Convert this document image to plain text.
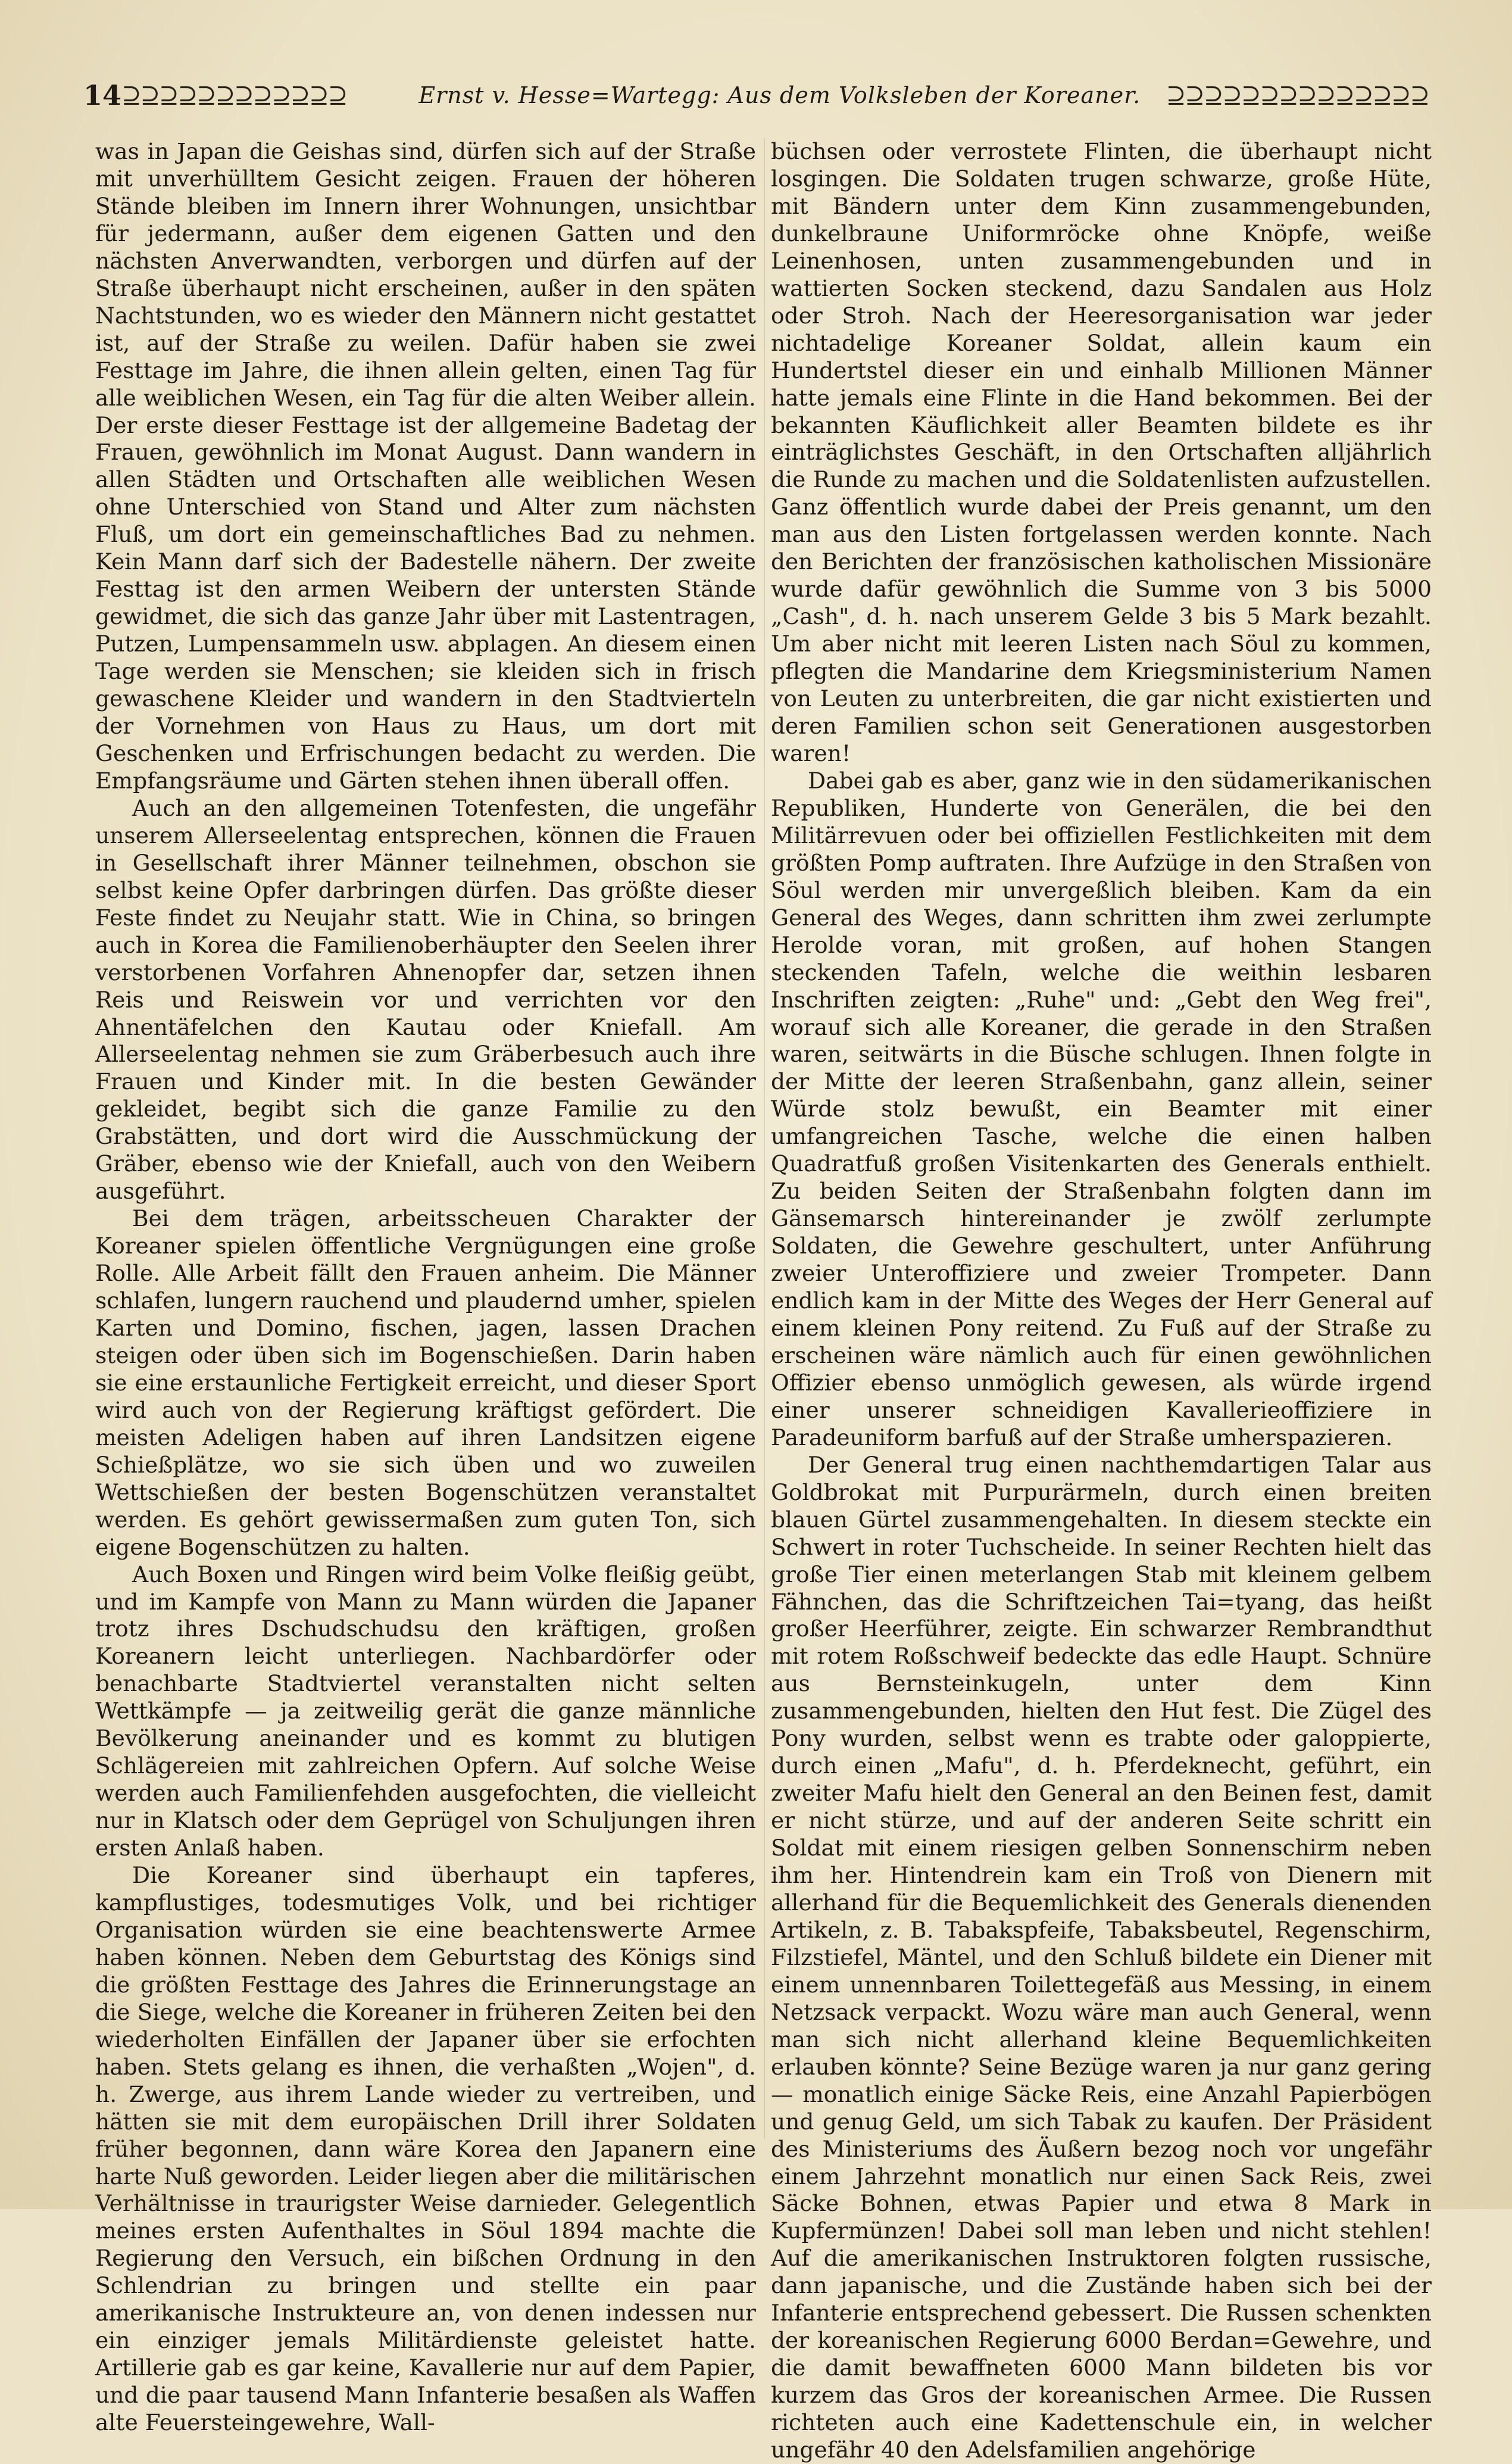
14 ⊇⊇⊇⊇⊇⊇⊇⊇⊇⊇⊇⊇	Ernst v. Hesse=Wartegg: Aus dem Volksleben der Koreaner.	⊇⊇⊇⊇⊇⊇⊇⊇⊇⊇⊇⊇⊇⊇

was in Japan die Geishas sind, dürfen sich auf der Straße mit unverhülltem Gesicht zeigen. Frauen der höheren Stände bleiben im Innern ihrer Wohnungen, unsichtbar für jedermann, außer dem eigenen Gatten und den nächsten Anverwandten, verborgen und dürfen auf der Straße überhaupt nicht erscheinen, außer in den späten Nachtstunden, wo es wieder den Männern nicht gestattet ist, auf der Straße zu weilen. Dafür haben sie zwei Festtage im Jahre, die ihnen allein gelten, einen Tag für alle weiblichen Wesen, ein Tag für die alten Weiber allein. Der erste dieser Festtage ist der allgemeine Badetag der Frauen, gewöhnlich im Monat August. Dann wandern in allen Städten und Ortschaften alle weiblichen Wesen ohne Unterschied von Stand und Alter zum nächsten Fluß, um dort ein gemeinschaftliches Bad zu nehmen. Kein Mann darf sich der Badestelle nähern. Der zweite Festtag ist den armen Weibern der untersten Stände gewidmet, die sich das ganze Jahr über mit Lastentragen, Putzen, Lumpensammeln usw. abplagen. An diesem einen Tage werden sie Menschen; sie kleiden sich in frisch gewaschene Kleider und wandern in den Stadtvierteln der Vornehmen von Haus zu Haus, um dort mit Geschenken und Erfrischungen bedacht zu werden. Die Empfangsräume und Gärten stehen ihnen überall offen.

Auch an den allgemeinen Totenfesten, die ungefähr unserem Allerseelentag entsprechen, können die Frauen in Gesellschaft ihrer Männer teilnehmen, obschon sie selbst keine Opfer darbringen dürfen. Das größte dieser Feste findet zu Neujahr statt. Wie in China, so bringen auch in Korea die Familienoberhäupter den Seelen ihrer verstorbenen Vorfahren Ahnenopfer dar, setzen ihnen Reis und Reiswein vor und verrichten vor den Ahnentäfelchen den Kautau oder Kniefall. Am Allerseelentag nehmen sie zum Gräberbesuch auch ihre Frauen und Kinder mit. In die besten Gewänder gekleidet, begibt sich die ganze Familie zu den Grabstätten, und dort wird die Ausschmückung der Gräber, ebenso wie der Kniefall, auch von den Weibern ausgeführt.

Bei dem trägen, arbeitsscheuen Charakter der Koreaner spielen öffentliche Vergnügungen eine große Rolle. Alle Arbeit fällt den Frauen anheim. Die Männer schlafen, lungern rauchend und plaudernd umher, spielen Karten und Domino, fischen, jagen, lassen Drachen steigen oder üben sich im Bogenschießen. Darin haben sie eine erstaunliche Fertigkeit erreicht, und dieser Sport wird auch von der Regierung kräftigst gefördert. Die meisten Adeligen haben auf ihren Landsitzen eigene Schießplätze, wo sie sich üben und wo zuweilen Wettschießen der besten Bogenschützen veranstaltet werden. Es gehört gewissermaßen zum guten Ton, sich eigene Bogenschützen zu halten.

Auch Boxen und Ringen wird beim Volke fleißig geübt, und im Kampfe von Mann zu Mann würden die Japaner trotz ihres Dschudschudsu den kräftigen, großen Koreanern leicht unterliegen. Nachbardörfer oder benachbarte Stadtviertel veranstalten nicht selten Wettkämpfe — ja zeitweilig gerät die ganze männliche Bevölkerung aneinander und es kommt zu blutigen Schlägereien mit zahlreichen Opfern. Auf solche Weise werden auch Familienfehden ausgefochten, die vielleicht nur in Klatsch oder dem Geprügel von Schuljungen ihren ersten Anlaß haben.

Die Koreaner sind überhaupt ein tapferes, kampflustiges, todesmutiges Volk, und bei richtiger Organisation würden sie eine beachtenswerte Armee haben können. Neben dem Geburtstag des Königs sind die größten Festtage des Jahres die Erinnerungstage an die Siege, welche die Koreaner in früheren Zeiten bei den wiederholten Einfällen der Japaner über sie erfochten haben. Stets gelang es ihnen, die verhaßten „Wojen", d. h. Zwerge, aus ihrem Lande wieder zu vertreiben, und hätten sie mit dem europäischen Drill ihrer Soldaten früher begonnen, dann wäre Korea den Japanern eine harte Nuß geworden. Leider liegen aber die militärischen Verhältnisse in traurigster Weise darnieder. Gelegentlich meines ersten Aufenthaltes in Söul 1894 machte die Regierung den Versuch, ein bißchen Ordnung in den Schlendrian zu bringen und stellte ein paar amerikanische Instrukteure an, von denen indessen nur ein einziger jemals Militärdienste geleistet hatte. Artillerie gab es gar keine, Kavallerie nur auf dem Papier, und die paar tausend Mann Infanterie besaßen als Waffen alte Feuersteingewehre, Wall-

büchsen oder verrostete Flinten, die überhaupt nicht losgingen. Die Soldaten trugen schwarze, große Hüte, mit Bändern unter dem Kinn zusammengebunden, dunkelbraune Uniformröcke ohne Knöpfe, weiße Leinenhosen, unten zusammengebunden und in wattierten Socken steckend, dazu Sandalen aus Holz oder Stroh. Nach der Heeresorganisation war jeder nichtadelige Koreaner Soldat, allein kaum ein Hundertstel dieser ein und einhalb Millionen Männer hatte jemals eine Flinte in die Hand bekommen. Bei der bekannten Käuflichkeit aller Beamten bildete es ihr einträglichstes Geschäft, in den Ortschaften alljährlich die Runde zu machen und die Soldatenlisten aufzustellen. Ganz öffentlich wurde dabei der Preis genannt, um den man aus den Listen fortgelassen werden konnte. Nach den Berichten der französischen katholischen Missionäre wurde dafür gewöhnlich die Summe von 3 bis 5000 „Cash", d. h. nach unserem Gelde 3 bis 5 Mark bezahlt. Um aber nicht mit leeren Listen nach Söul zu kommen, pflegten die Mandarine dem Kriegsministerium Namen von Leuten zu unterbreiten, die gar nicht existierten und deren Familien schon seit Generationen ausgestorben waren!

Dabei gab es aber, ganz wie in den südamerikanischen Republiken, Hunderte von Generälen, die bei den Militärrevuen oder bei offiziellen Festlichkeiten mit dem größten Pomp auftraten. Ihre Aufzüge in den Straßen von Söul werden mir unvergeßlich bleiben. Kam da ein General des Weges, dann schritten ihm zwei zerlumpte Herolde voran, mit großen, auf hohen Stangen steckenden Tafeln, welche die weithin lesbaren Inschriften zeigten: „Ruhe" und: „Gebt den Weg frei", worauf sich alle Koreaner, die gerade in den Straßen waren, seitwärts in die Büsche schlugen. Ihnen folgte in der Mitte der leeren Straßenbahn, ganz allein, seiner Würde stolz bewußt, ein Beamter mit einer umfangreichen Tasche, welche die einen halben Quadratfuß großen Visitenkarten des Generals enthielt. Zu beiden Seiten der Straßenbahn folgten dann im Gänsemarsch hintereinander je zwölf zerlumpte Soldaten, die Gewehre geschultert, unter Anführung zweier Unteroffiziere und zweier Trompeter. Dann endlich kam in der Mitte des Weges der Herr General auf einem kleinen Pony reitend. Zu Fuß auf der Straße zu erscheinen wäre nämlich auch für einen gewöhnlichen Offizier ebenso unmöglich gewesen, als würde irgend einer unserer schneidigen Kavallerieoffiziere in Paradeuniform barfuß auf der Straße umherspazieren.

Der General trug einen nachthemdartigen Talar aus Goldbrokat mit Purpurärmeln, durch einen breiten blauen Gürtel zusammengehalten. In diesem steckte ein Schwert in roter Tuchscheide. In seiner Rechten hielt das große Tier einen meterlangen Stab mit kleinem gelbem Fähnchen, das die Schriftzeichen Tai=tyang, das heißt großer Heerführer, zeigte. Ein schwarzer Rembrandthut mit rotem Roßschweif bedeckte das edle Haupt. Schnüre aus Bernsteinkugeln, unter dem Kinn zusammengebunden, hielten den Hut fest. Die Zügel des Pony wurden, selbst wenn es trabte oder galoppierte, durch einen „Mafu", d. h. Pferdeknecht, geführt, ein zweiter Mafu hielt den General an den Beinen fest, damit er nicht stürze, und auf der anderen Seite schritt ein Soldat mit einem riesigen gelben Sonnenschirm neben ihm her. Hintendrein kam ein Troß von Dienern mit allerhand für die Bequemlichkeit des Generals dienenden Artikeln, z. B. Tabakspfeife, Tabaksbeutel, Regenschirm, Filzstiefel, Mäntel, und den Schluß bildete ein Diener mit einem unnennbaren Toilettegefäß aus Messing, in einem Netzsack verpackt. Wozu wäre man auch General, wenn man sich nicht allerhand kleine Bequemlichkeiten erlauben könnte? Seine Bezüge waren ja nur ganz gering — monatlich einige Säcke Reis, eine Anzahl Papierbögen und genug Geld, um sich Tabak zu kaufen. Der Präsident des Ministeriums des Äußern bezog noch vor ungefähr einem Jahrzehnt monatlich nur einen Sack Reis, zwei Säcke Bohnen, etwas Papier und etwa 8 Mark in Kupfermünzen! Dabei soll man leben und nicht stehlen! Auf die amerikanischen Instruktoren folgten russische, dann japanische, und die Zustände haben sich bei der Infanterie entsprechend gebessert. Die Russen schenkten der koreanischen Regierung 6000 Berdan=Gewehre, und die damit bewaffneten 6000 Mann bildeten bis vor kurzem das Gros der koreanischen Armee. Die Russen richteten auch eine Kadettenschule ein, in welcher ungefähr 40 den Adelsfamilien angehörige
